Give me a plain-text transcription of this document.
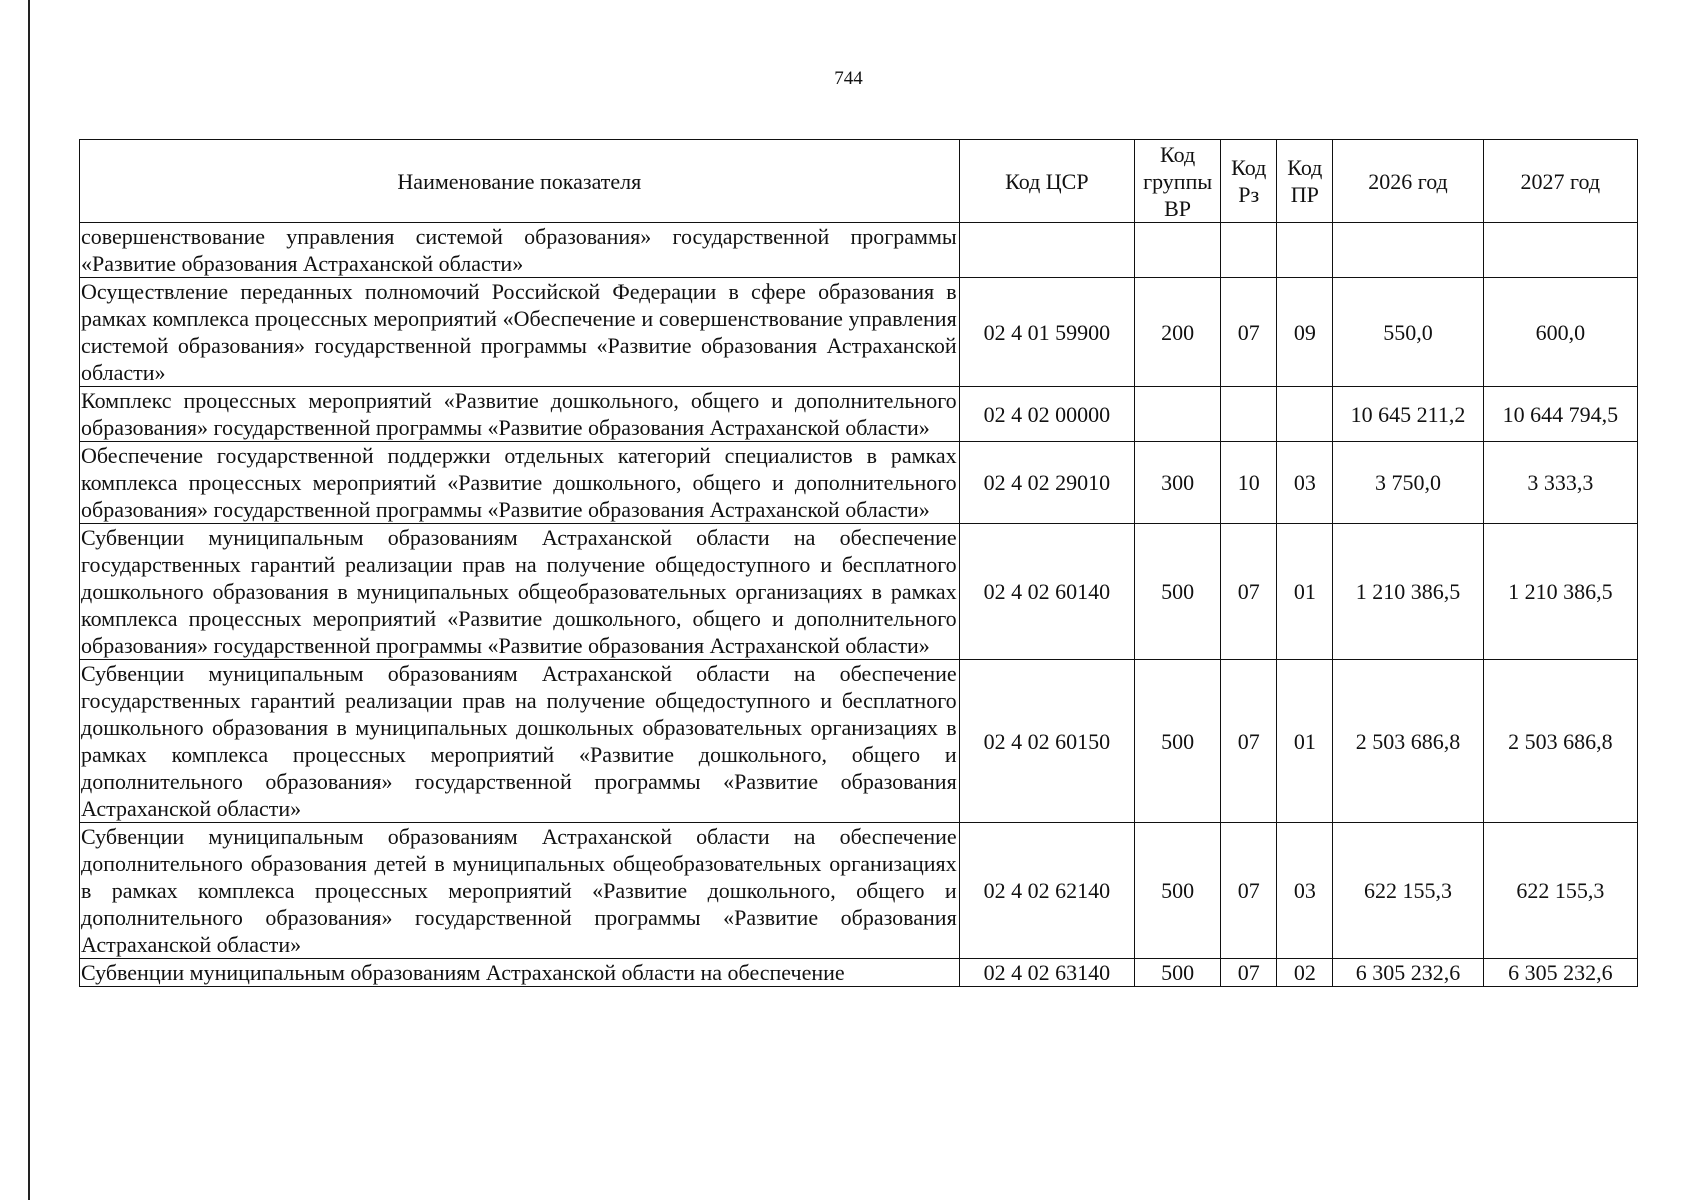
744
Наименование показателя	Код ЦСР	Код группы ВР	Код Рз	Код ПР	2026 год	2027 год
совершенствование управления системой образования» государственной программы «Развитие образования Астраханской области»						
Осуществление переданных полномочий Российской Федерации в сфере образования в рамках комплекса процессных мероприятий «Обеспечение и совершенствование управления системой образования» государственной программы «Развитие образования Астраханской области»	02 4 01 59900	200	07	09	550,0	600,0
Комплекс процессных мероприятий «Развитие дошкольного, общего и дополнительного образования» государственной программы «Развитие образования Астраханской области»	02 4 02 00000				10 645 211,2	10 644 794,5
Обеспечение государственной поддержки отдельных категорий специалистов в рамках комплекса процессных мероприятий «Развитие дошкольного, общего и дополнительного образования» государственной программы «Развитие образования Астраханской области»	02 4 02 29010	300	10	03	3 750,0	3 333,3
Субвенции муниципальным образованиям Астраханской области на обеспечение государственных гарантий реализации прав на получение общедоступного и бесплатного дошкольного образования в муниципальных общеобразовательных организациях в рамках комплекса процессных мероприятий «Развитие дошкольного, общего и дополнительного образования» государственной программы «Развитие образования Астраханской области»	02 4 02 60140	500	07	01	1 210 386,5	1 210 386,5
Субвенции муниципальным образованиям Астраханской области на обеспечение государственных гарантий реализации прав на получение общедоступного и бесплатного дошкольного образования в муниципальных дошкольных образовательных организациях в рамках комплекса процессных мероприятий «Развитие дошкольного, общего и дополнительного образования» государственной программы «Развитие образования Астраханской области»	02 4 02 60150	500	07	01	2 503 686,8	2 503 686,8
Субвенции муниципальным образованиям Астраханской области на обеспечение дополнительного образования детей в муниципальных общеобразовательных организациях в рамках комплекса процессных мероприятий «Развитие дошкольного, общего и дополнительного образования» государственной программы «Развитие образования Астраханской области»	02 4 02 62140	500	07	03	622 155,3	622 155,3
Субвенции муниципальным образованиям Астраханской области на обеспечение	02 4 02 63140	500	07	02	6 305 232,6	6 305 232,6
